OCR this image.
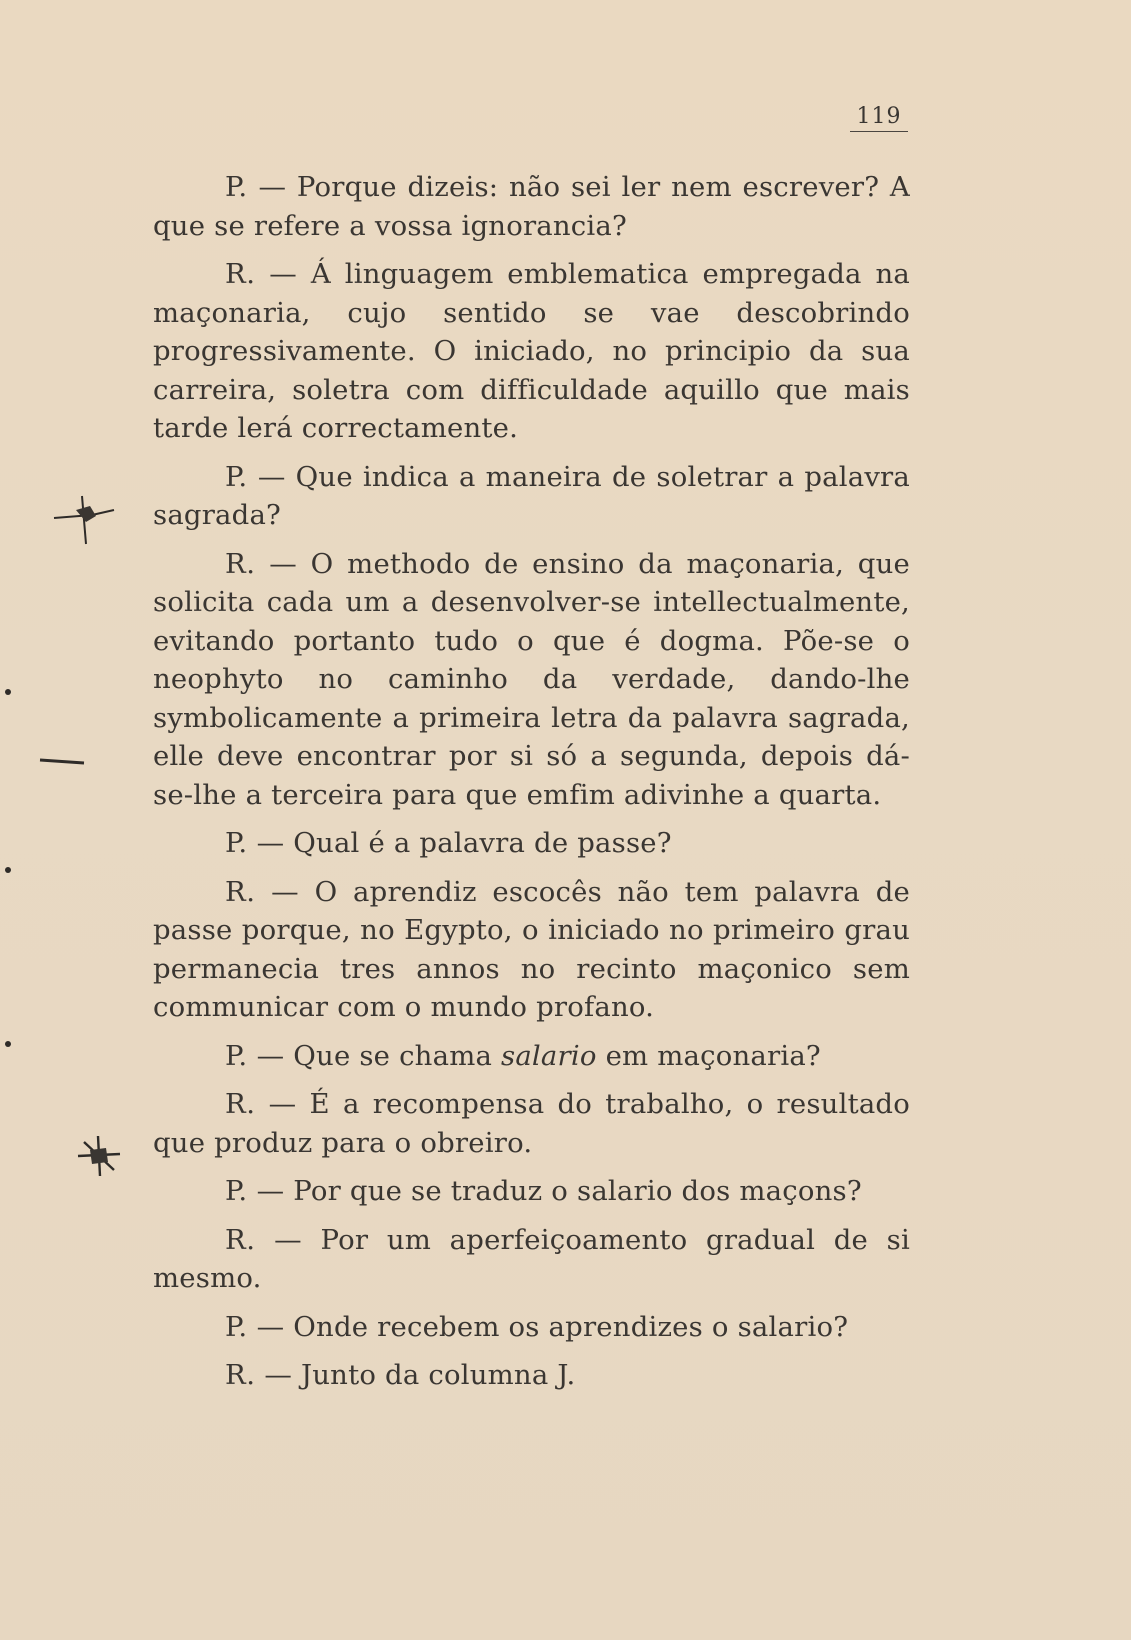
119

P. — Porque dizeis: não sei ler nem escrever? A que se refere a vossa ignorancia?

R. — Á linguagem emblematica empregada na maçonaria, cujo sentido se vae descobrindo progressivamente. O iniciado, no principio da sua carreira, soletra com difficuldade aquillo que mais tarde lerá correctamente.

P. — Que indica a maneira de soletrar a palavra sagrada?

R. — O methodo de ensino da maçonaria, que solicita cada um a desenvolver-se intellectualmente, evitando portanto tudo o que é dogma. Põe-se o neophyto no caminho da verdade, dando-lhe symbolicamente a primeira letra da palavra sagrada, elle deve encontrar por si só a segunda, depois dá-se-lhe a terceira para que emfim adivinhe a quarta.

P. — Qual é a palavra de passe?

R. — O aprendiz escocês não tem palavra de passe porque, no Egypto, o iniciado no primeiro grau permanecia tres annos no recinto maçonico sem communicar com o mundo profano.

P. — Que se chama salario em maçonaria?

R. — É a recompensa do trabalho, o resultado que produz para o obreiro.

P. — Por que se traduz o salario dos maçons?

R. — Por um aperfeiçoamento gradual de si mesmo.

P. — Onde recebem os aprendizes o salario?

R. — Junto da columna J.
